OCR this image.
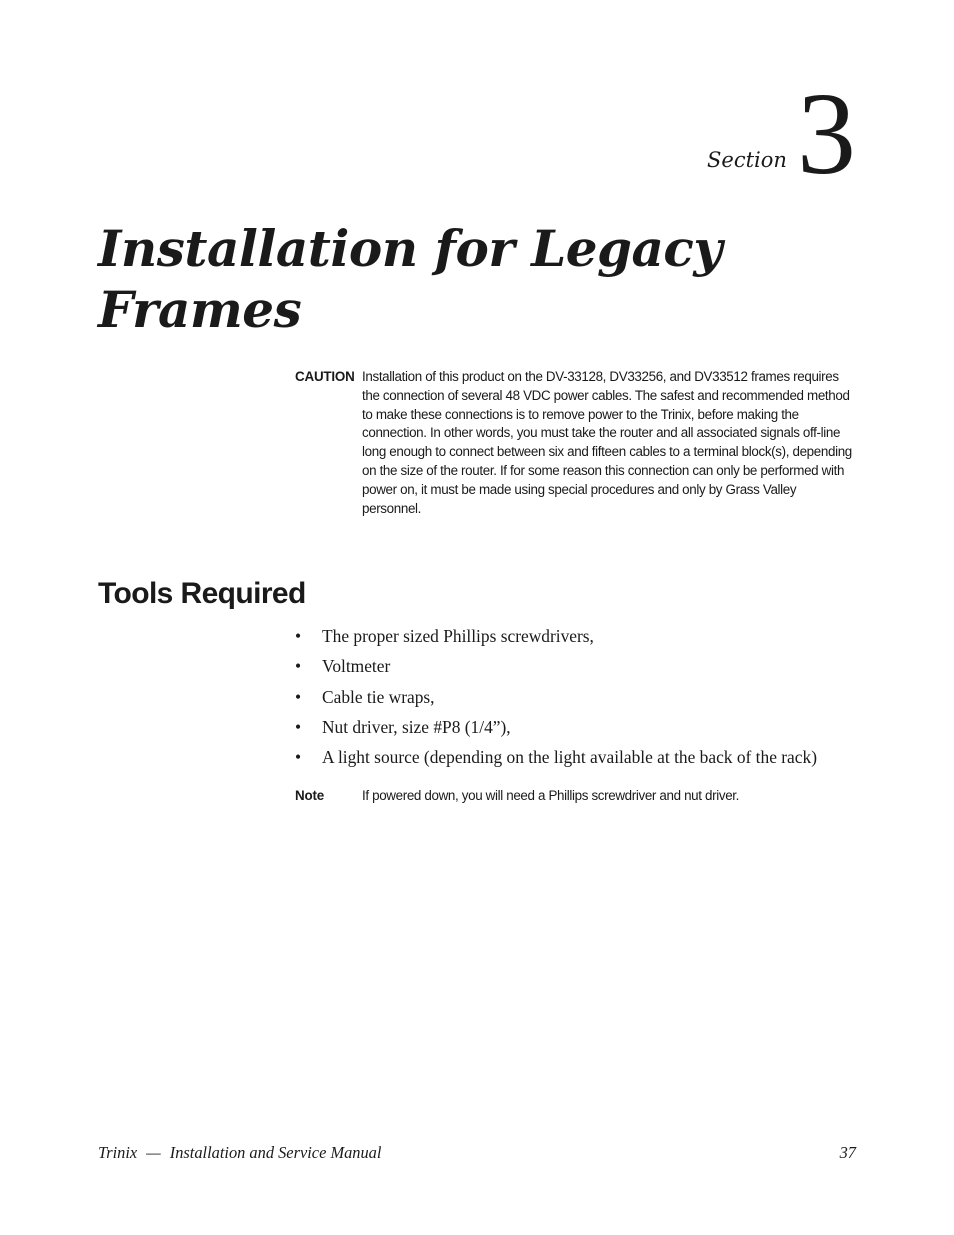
Section 3

Installation for Legacy Frames
CAUTION Installation of this product on the DV-33128, DV33256, and DV33512 frames requires the connection of several 48 VDC power cables. The safest and recommended method to make these connections is to remove power to the Trinix, before making the connection. In other words, you must take the router and all associated signals off-line long enough to connect between six and fifteen cables to a terminal block(s), depending on the size of the router. If for some reason this connection can only be performed with power on, it must be made using special procedures and only by Grass Valley personnel.

Tools Required
• The proper sized Phillips screwdrivers,
• Voltmeter
• Cable tie wraps,
• Nut driver, size #P8 (1/4”),
• A light source (depending on the light available at the back of the rack)
Note	If powered down, you will need a Phillips screwdriver and nut driver.

Trinix — Installation and Service Manual	37
